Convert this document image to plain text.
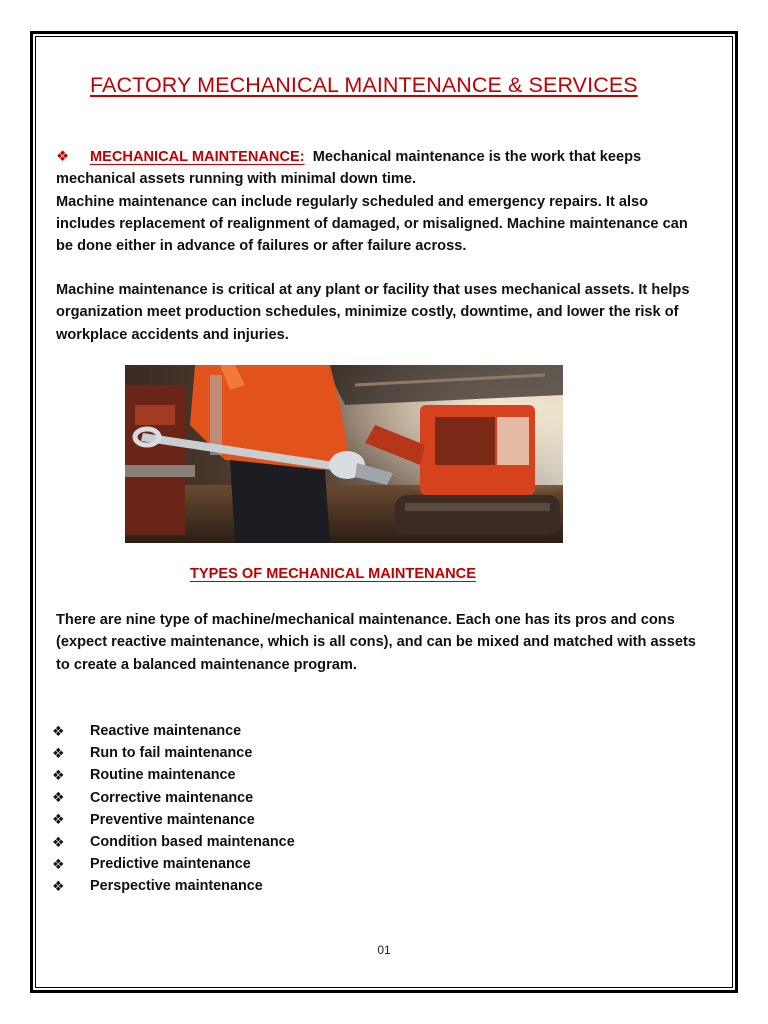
FACTORY MECHANICAL MAINTENANCE & SERVICES

❖ MECHANICAL MAINTENANCE: Mechanical maintenance is the work that keeps mechanical assets running with minimal down time.
Machine maintenance can include regularly scheduled and emergency repairs. It also includes replacement of realignment of damaged, or misaligned. Machine maintenance can be done either in advance of failures or after failure across.

Machine maintenance is critical at any plant or facility that uses mechanical assets. It helps organization meet production schedules, minimize costly, downtime, and lower the risk of workplace accidents and injuries.

TYPES OF MECHANICAL MAINTENANCE

There are nine type of machine/mechanical maintenance. Each one has its pros and cons (expect reactive maintenance, which is all cons), and can be mixed and matched with assets to create a balanced maintenance program.

❖	Reactive maintenance
❖	Run to fail maintenance
❖	Routine maintenance
❖	Corrective maintenance
❖	Preventive maintenance
❖	Condition based maintenance
❖	Predictive maintenance
❖	Perspective maintenance
01
